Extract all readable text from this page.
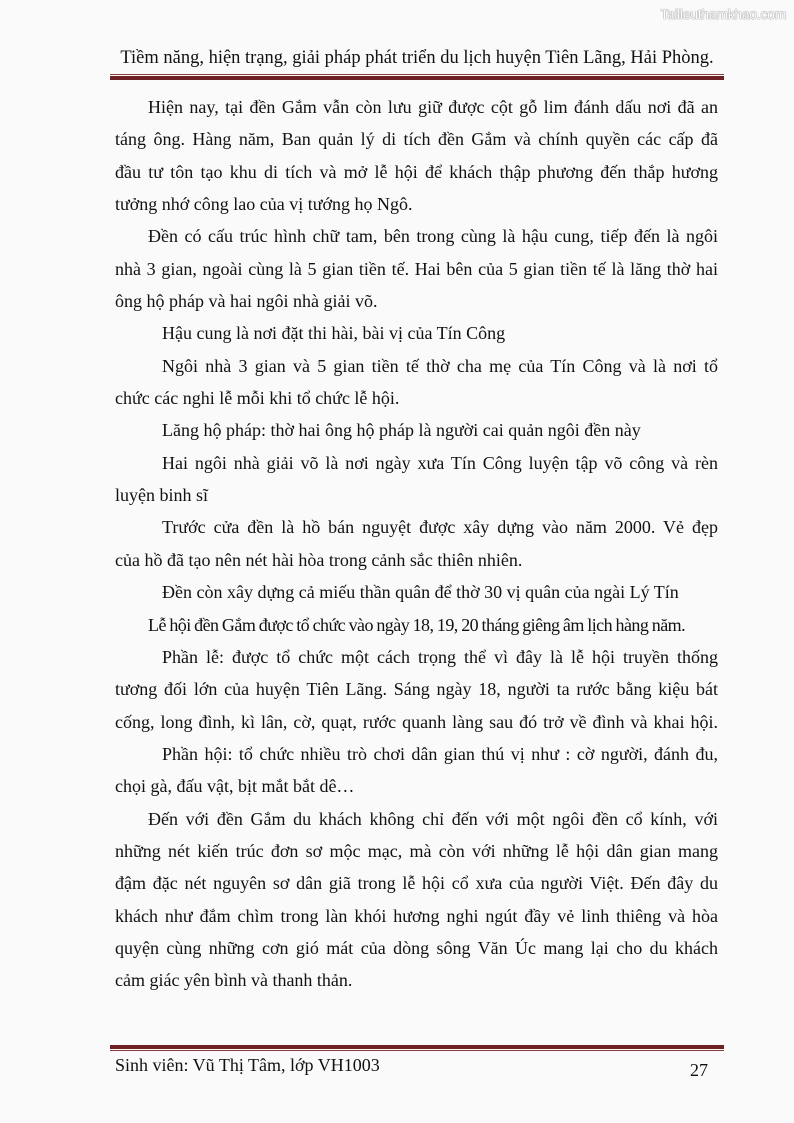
Tailieuthamkhao.com
Tiềm năng, hiện trạng, giải pháp phát triển du lịch huyện Tiên Lãng, Hải Phòng.
Hiện nay, tại đền Gắm vẫn còn lưu giữ được cột gỗ lim đánh dấu nơi đã an
táng ông. Hàng năm, Ban quản lý di tích đền Gắm và chính quyền các cấp đã
đầu tư tôn tạo khu di tích và mở lễ hội để khách thập phương đến thắp hương
tưởng nhớ công lao của vị tướng họ Ngô.
Đền có cấu trúc hình chữ tam, bên trong cùng là hậu cung, tiếp đến là ngôi
nhà 3 gian, ngoài cùng là 5 gian tiền tế. Hai bên của 5 gian tiền tế là lăng thờ hai
ông hộ pháp và hai ngôi nhà giải võ.
Hậu cung là nơi đặt thi hài, bài vị của Tín Công
Ngôi nhà 3 gian và 5 gian tiền tế thờ cha mẹ của Tín Công và là nơi tổ
chức các nghi lễ mỗi khi tổ chức lễ hội.
Lăng hộ pháp: thờ hai ông hộ pháp là người cai quản ngôi đền này
Hai ngôi nhà giải võ là nơi ngày xưa Tín Công luyện tập võ công và rèn
luyện binh sĩ
Trước cửa đền là hồ bán nguyệt được xây dựng vào năm 2000. Vẻ đẹp
của hồ đã tạo nên nét hài hòa trong cảnh sắc thiên nhiên.
Đền còn xây dựng cả miếu thần quân để thờ 30 vị quân của ngài Lý Tín
Lễ hội đền Gắm được tổ chức vào ngày 18, 19, 20 tháng giêng âm lịch hàng năm.
Phần lễ: được tổ chức một cách trọng thể vì đây là lễ hội truyền thống
tương đối lớn của huyện Tiên Lãng. Sáng ngày 18, người ta rước bằng kiệu bát
cống, long đình, kì lân, cờ, quạt, rước quanh làng sau đó trở về đình và khai hội.
Phần hội: tổ chức nhiều trò chơi dân gian thú vị như : cờ người, đánh đu,
chọi gà, đấu vật, bịt mắt bắt dê…
Đến với đền Gắm du khách không chỉ đến với một ngôi đền cổ kính, với
những nét kiến trúc đơn sơ mộc mạc, mà còn với những lễ hội dân gian mang
đậm đặc nét nguyên sơ dân giã trong lễ hội cổ xưa của người Việt. Đến đây du
khách như đắm chìm trong làn khói hương nghi ngút đầy vẻ linh thiêng và hòa
quyện cùng những cơn gió mát của dòng sông Văn Úc mang lại cho du khách
cảm giác yên bình và thanh thản.
Sinh viên: Vũ Thị Tâm, lớp VH1003	27
